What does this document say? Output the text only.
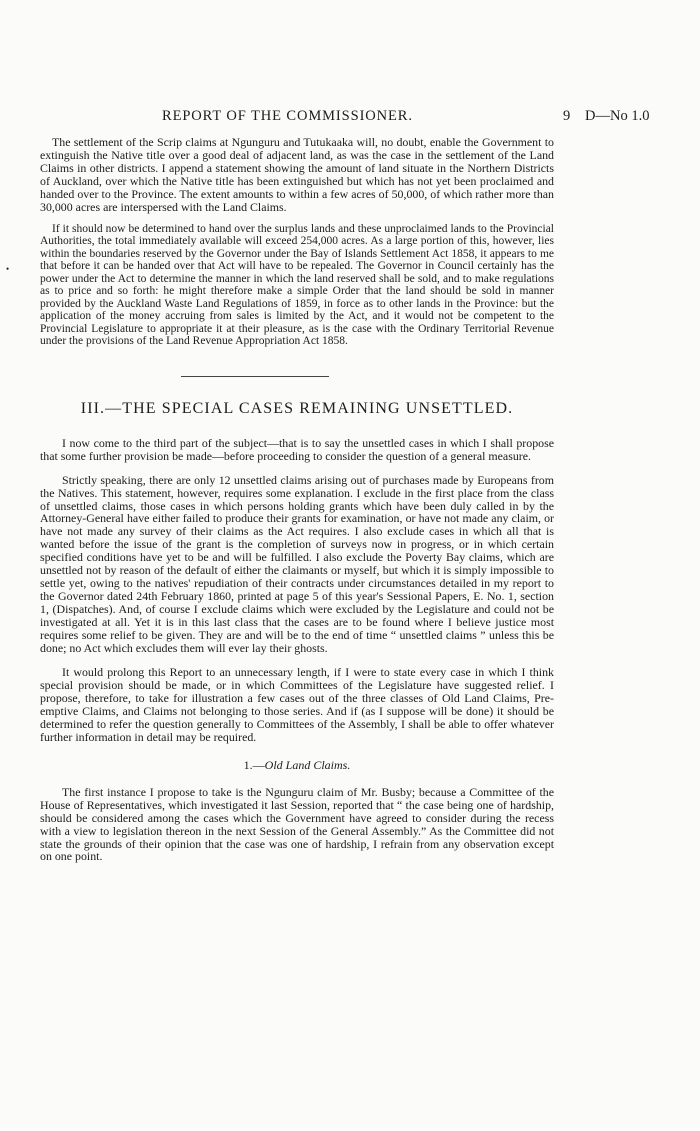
REPORT OF THE COMMISSIONER.	9 D—No 1.0
•

The settlement of the Scrip claims at Ngunguru and Tutukaaka will, no doubt, enable the Government to extinguish the Native title over a good deal of adjacent land, as was the case in the settlement of the Land Claims in other districts. I append a statement showing the amount of land situate in the Northern Districts of Auckland, over which the Native title has been extinguished but which has not yet been proclaimed and handed over to the Province. The extent amounts to within a few acres of 50,000, of which rather more than 30,000 acres are interspersed with the Land Claims.

If it should now be determined to hand over the surplus lands and these unproclaimed lands to the Provincial Authorities, the total immediately available will exceed 254,000 acres. As a large portion of this, however, lies within the boundaries reserved by the Governor under the Bay of Islands Settlement Act 1858, it appears to me that before it can be handed over that Act will have to be repealed. The Governor in Council certainly has the power under the Act to determine the manner in which the land reserved shall be sold, and to make regulations as to price and so forth: he might therefore make a simple Order that the land should be sold in manner provided by the Auckland Waste Land Regulations of 1859, in force as to other lands in the Province: but the application of the money accruing from sales is limited by the Act, and it would not be competent to the Provincial Legislature to appropriate it at their pleasure, as is the case with the Ordinary Territorial Revenue under the provisions of the Land Revenue Appropriation Act 1858.

III.—THE SPECIAL CASES REMAINING UNSETTLED.

I now come to the third part of the subject—that is to say the unsettled cases in which I shall propose that some further provision be made—before proceeding to consider the question of a general measure.

Strictly speaking, there are only 12 unsettled claims arising out of purchases made by Europeans from the Natives. This statement, however, requires some explanation. I exclude in the first place from the class of unsettled claims, those cases in which persons holding grants which have been duly called in by the Attorney-General have either failed to produce their grants for examination, or have not made any claim, or have not made any survey of their claims as the Act requires. I also exclude cases in which all that is wanted before the issue of the grant is the completion of surveys now in progress, or in which certain specified conditions have yet to be and will be fulfilled. I also exclude the Poverty Bay claims, which are unsettled not by reason of the default of either the claimants or myself, but which it is simply impossible to settle yet, owing to the natives' repudiation of their contracts under circumstances detailed in my report to the Governor dated 24th February 1860, printed at page 5 of this year's Sessional Papers, E. No. 1, section 1, (Dispatches). And, of course I exclude claims which were excluded by the Legislature and could not be investigated at all. Yet it is in this last class that the cases are to be found where I believe justice most requires some relief to be given. They are and will be to the end of time “ unsettled claims ” unless this be done; no Act which excludes them will ever lay their ghosts.

It would prolong this Report to an unnecessary length, if I were to state every case in which I think special provision should be made, or in which Committees of the Legislature have suggested relief. I propose, therefore, to take for illustration a few cases out of the three classes of Old Land Claims, Pre-emptive Claims, and Claims not belonging to those series. And if (as I suppose will be done) it should be determined to refer the question generally to Committees of the Assembly, I shall be able to offer whatever further information in detail may be required.

1.—Old Land Claims.

The first instance I propose to take is the Ngunguru claim of Mr. Busby; because a Committee of the House of Representatives, which investigated it last Session, reported that “ the case being one of hardship, should be considered among the cases which the Government have agreed to consider during the recess with a view to legislation thereon in the next Session of the General Assembly.” As the Committee did not state the grounds of their opinion that the case was one of hardship, I refrain from any observation except on one point.
